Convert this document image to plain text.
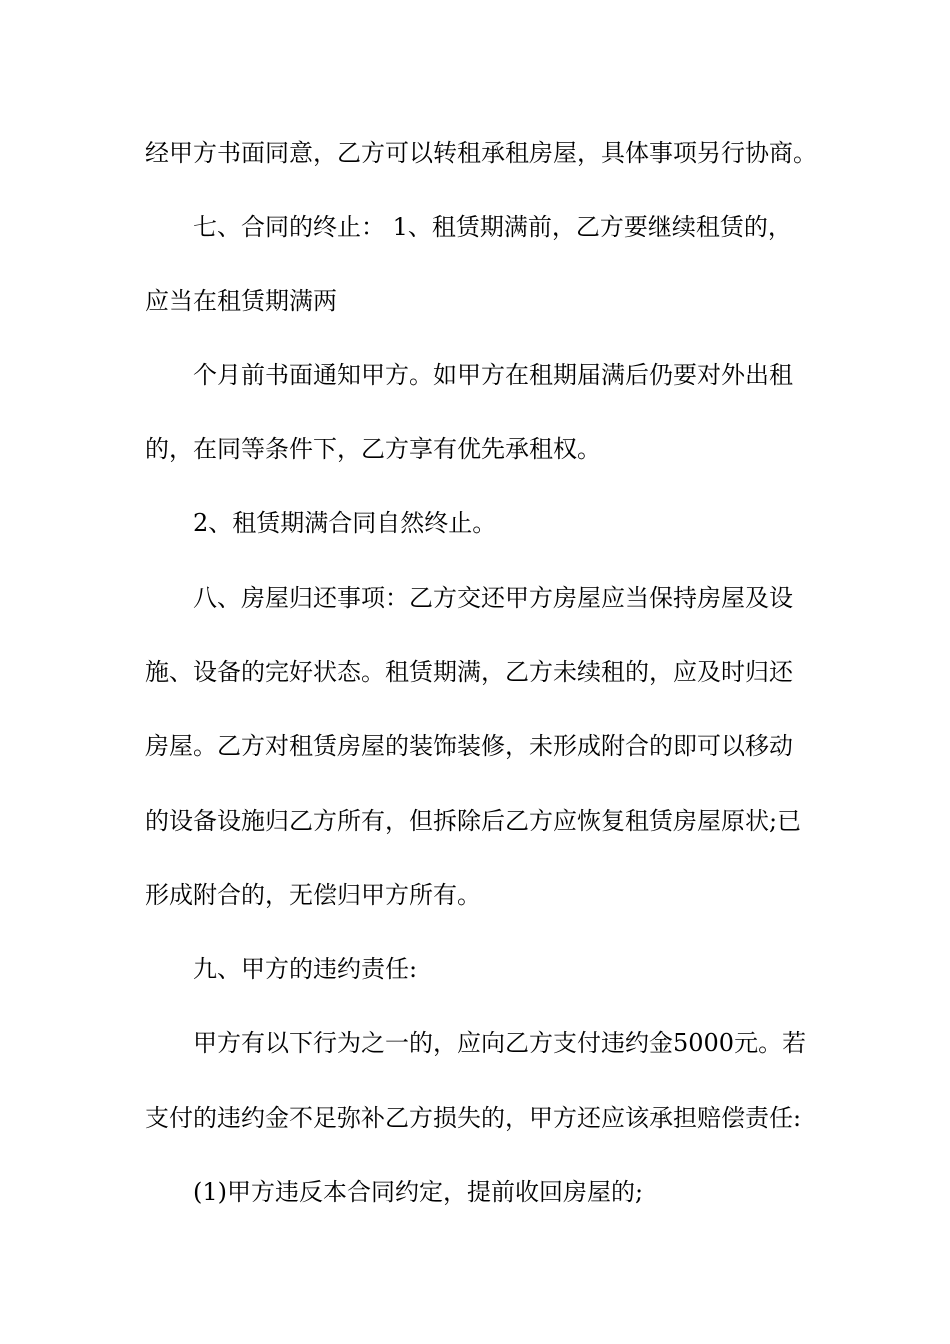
经甲方书面同意，乙方可以转租承租房屋，具体事项另行协商。
七、合同的终止： 1、租赁期满前，乙方要继续租赁的，
应当在租赁期满两
个月前书面通知甲方。如甲方在租期届满后仍要对外出租
的，在同等条件下，乙方享有优先承租权。
2、租赁期满合同自然终止。
八、房屋归还事项：乙方交还甲方房屋应当保持房屋及设
施、设备的完好状态。租赁期满，乙方未续租的，应及时归还
房屋。乙方对租赁房屋的装饰装修，未形成附合的即可以移动
的设备设施归乙方所有，但拆除后乙方应恢复租赁房屋原状;已
形成附合的，无偿归甲方所有。
九、甲方的违约责任:
甲方有以下行为之一的，应向乙方支付违约金5000元。若
支付的违约金不足弥补乙方损失的，甲方还应该承担赔偿责任:
(1)甲方违反本合同约定，提前收回房屋的;
